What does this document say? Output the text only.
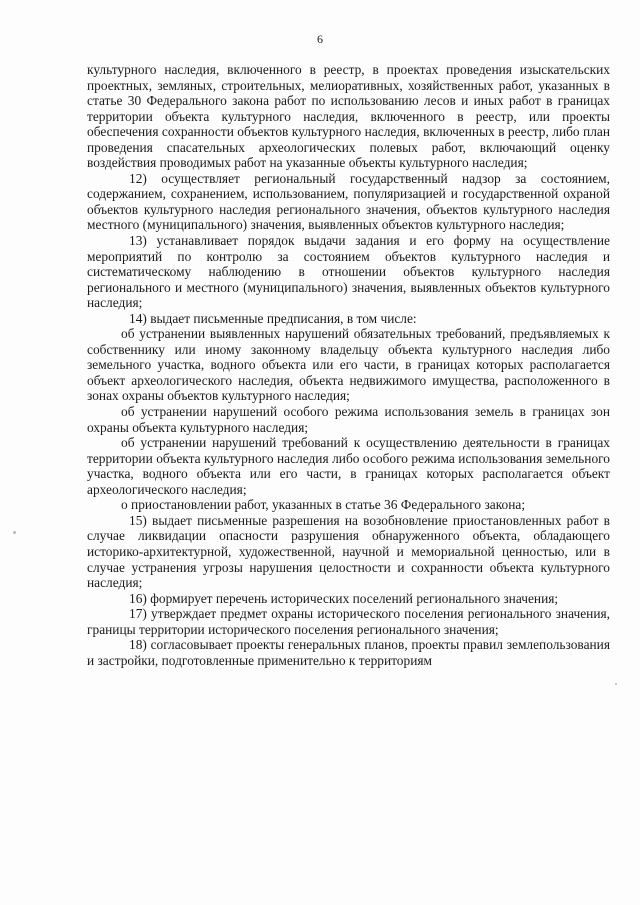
6

культурного наследия, включенного в реестр, в проектах проведения изыскательских проектных, земляных, строительных, мелиоративных, хозяйственных работ, указанных в статье 30 Федерального закона работ по использованию лесов и иных работ в границах территории объекта культурного наследия, включенного в реестр, или проекты обеспечения сохранности объектов культурного наследия, включенных в реестр, либо план проведения спасательных археологических полевых работ, включающий оценку воздействия проводимых работ на указанные объекты культурного наследия;

12) осуществляет региональный государственный надзор за состоянием, содержанием, сохранением, использованием, популяризацией и государственной охраной объектов культурного наследия регионального значения, объектов культурного наследия местного (муниципального) значения, выявленных объектов культурного наследия;

13) устанавливает порядок выдачи задания и его форму на осуществление мероприятий по контролю за состоянием объектов культурного наследия и систематическому наблюдению в отношении объектов культурного наследия регионального и местного (муниципального) значения, выявленных объектов культурного наследия;

14) выдает письменные предписания, в том числе:

об устранении выявленных нарушений обязательных требований, предъявляемых к собственнику или иному законному владельцу объекта культурного наследия либо земельного участка, водного объекта или его части, в границах которых располагается объект археологического наследия, объекта недвижимого имущества, расположенного в зонах охраны объектов культурного наследия;

об устранении нарушений особого режима использования земель в границах зон охраны объекта культурного наследия;

об устранении нарушений требований к осуществлению деятельности в границах территории объекта культурного наследия либо особого режима использования земельного участка, водного объекта или его части, в границах которых располагается объект археологического наследия;

о приостановлении работ, указанных в статье 36 Федерального закона;

15) выдает письменные разрешения на возобновление приостановленных работ в случае ликвидации опасности разрушения обнаруженного объекта, обладающего историко-архитектурной, художественной, научной и мемориальной ценностью, или в случае устранения угрозы нарушения целостности и сохранности объекта культурного наследия;

16) формирует перечень исторических поселений регионального значения;

17) утверждает предмет охраны исторического поселения регионального значения, границы территории исторического поселения регионального значения;

18) согласовывает проекты генеральных планов, проекты правил землепользования и застройки, подготовленные применительно к территориям
